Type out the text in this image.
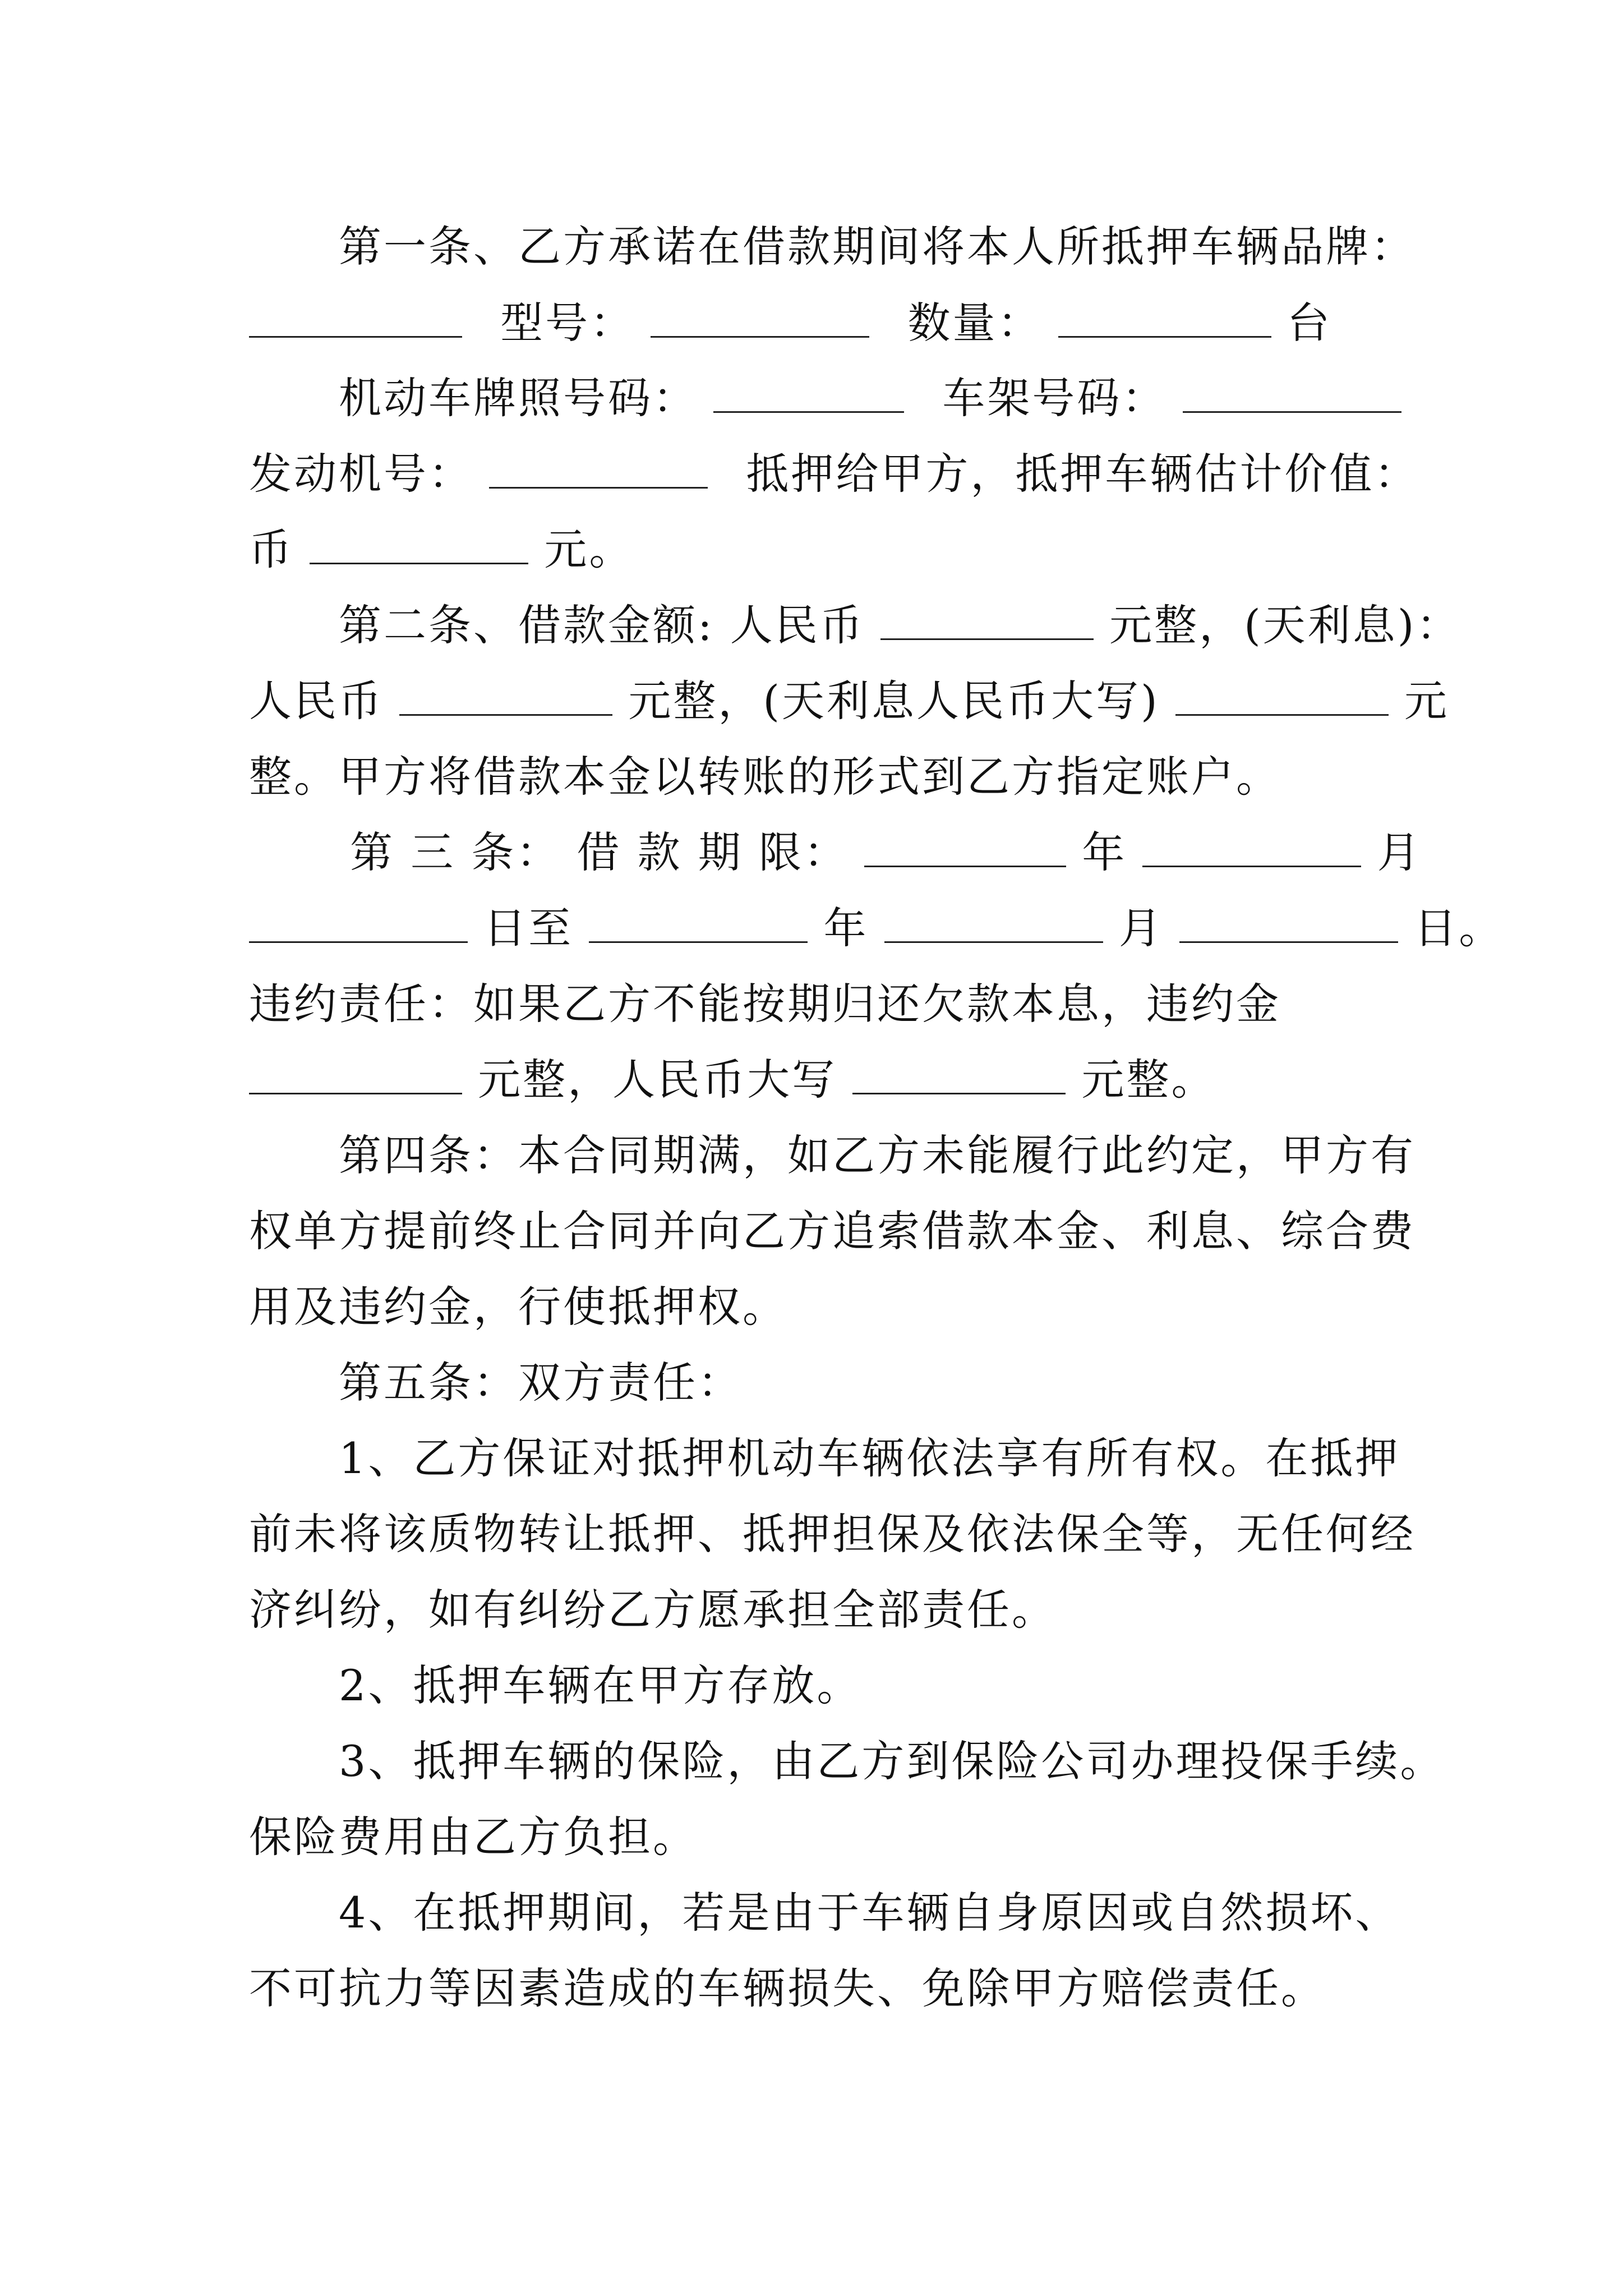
第一条、乙方承诺在借款期间将本人所抵押车辆品牌：
型号：	数量：	台
机动车牌照号码：	车架号码：
发动机号：	抵押给甲方，抵押车辆估计价值：
币	元。
第二条、借款金额: 人民币	元整，(天利息)：
人民币	元整，(天利息人民币大写)	元
整。甲方将借款本金以转账的形式到乙方指定账户。
第 三 条： 借 款 期 限：	年	月
日至	年	月	日。
违约责任：如果乙方不能按期归还欠款本息，违约金
元整，人民币大写	元整。
第四条：本合同期满，如乙方未能履行此约定，甲方有
权单方提前终止合同并向乙方追索借款本金、利息、综合费
用及违约金，行使抵押权。
第五条：双方责任：
1、乙方保证对抵押机动车辆依法享有所有权。在抵押
前未将该质物转让抵押、抵押担保及依法保全等，无任何经
济纠纷，如有纠纷乙方愿承担全部责任。
2、抵押车辆在甲方存放。
3、抵押车辆的保险，由乙方到保险公司办理投保手续。
保险费用由乙方负担。
4、在抵押期间，若是由于车辆自身原因或自然损坏、
不可抗力等因素造成的车辆损失、免除甲方赔偿责任。
